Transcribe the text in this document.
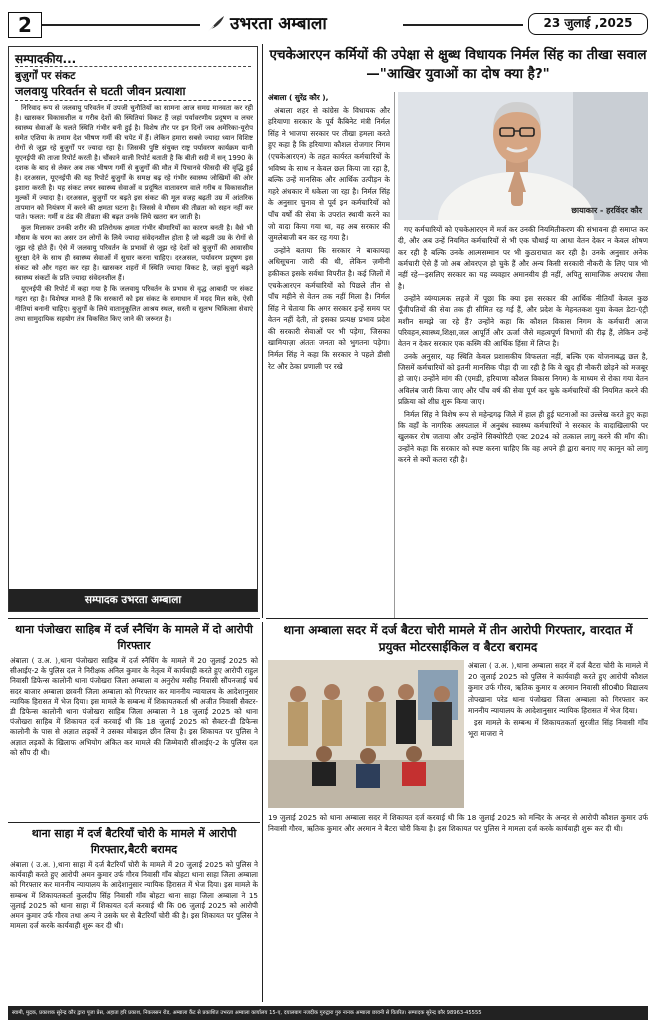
2	उभरता अम्बाला	23 जुलाई ,2025
सम्पादकीय...
बुज़ुर्गों पर संकट
जलवायु परिवर्तन से घटती जीवन प्रत्याशा

निरिवाद रूप से जलवायु परिवर्तन में उपजी चुनौतियों का सामना आज समग्र मानवता कर रही है। खासकर विकासशील व गरीब देशों की स्थितियां विकट हैं जहां पर्यावरणीय प्रदूषण व लचर स्वास्थ्य सेवाओं के चलते स्थिति गंभीर बनी हुई है। विशेष तौर पर इन दिनों जब अमेरिका-यूरोप समेत एशिया के तमाम देश भीषण गर्मी की चपेट में हैं। लेकिन हमारा सबसे ज्यादा ध्यान विशिष्ट रोगों से जूझ रहे बुजुर्गों पर ज्यादा रहा है। जिसकी पुष्टि संयुक्त राष्ट्र पर्यावरण कार्यक्रम यानी यूएनईपी की ताजा रिपोर्ट करती है। चौंकाने वाली रिपोर्ट बताती है कि बीती सदी में सन् 1990 के दशक के बाद से लेकर अब तक भीषण गर्मी से बुजुर्गों की मौत में पिचानवे फीसदी की वृद्धि हुई है। दरअसल, यूएनईपी की यह रिपोर्ट बुजुर्गों के समक्ष बढ़ रहे गंभीर स्वास्थ्य जोखिमों की ओर इशारा करती है। यह संकट लचर स्वास्थ्य सेवाओं व प्रदूषित वातावरण वाले गरीब व विकासशील मुल्कों में ज्यादा है। दरअसल, बुजुर्गों पर बढ़ते इस संकट की मूल वजह बढ़ती उम्र में आंतरिक तापमान को नियंत्रण में करने की क्षमता घटना है। जिससे वे मौसम की तीव्रता को सहन नहीं कर पाते। फलत: गर्मी व ठंड की तीव्रता की बढ़त उनके लिये खतरा बन जाती है।

कुल मिलाकर उनकी शरीर की प्रतिरोधक क्षमता गंभीर बीमारियों का कारण बनती है। वैसे भी मौसम के चरम का असर उन लोगों के लिये ज्यादा संवेदनशील होता है जो बढ़ती उम्र के रोगों से जूझ रहे होते हैं। ऐसे में जलवायु परिवर्तन के प्रभावों से जूझ रहे देशों को बुजुर्गों की आवासीय सुरक्षा देने के साथ ही स्वास्थ्य सेवाओं में सुधार करना चाहिए। दरअसल, पर्यावरण प्रदूषण इस संकट को और गहरा कर रहा है। खासकर शहरों में स्थिति ज्यादा विकट है, जहां बुजुर्ग बढ़ते स्वास्थ्य संकटों के प्रति ज्यादा संवेदनशील हैं।

यूएनईपी की रिपोर्ट में कहा गया है कि जलवायु परिवर्तन के प्रभाव से वृद्ध आबादी पर संकट गहरा रहा है। विशेषज्ञ मानते हैं कि सरकारों को इस संकट के समाधान में मदद मिल सके, ऐसी नीतियां बनानी चाहिए। बुजुर्गों के लिये वातानुकूलित आश्रय स्थल, सस्ती व सुलभ चिकित्सा सेवाएं तथा सामुदायिक सहयोग तंत्र विकसित किए जाने की जरूरत है।

सम्पादक उभरता अम्बाला
एचकेआरएन कर्मियों की उपेक्षा से क्षुब्ध विधायक निर्मल सिंह का तीखा सवाल—"आखिर युवाओं का दोष क्या है?"

अंबाला ( सुरेंद्र कौर ),

अंबाला शहर से कांग्रेस के विधायक और हरियाणा सरकार के पूर्व कैबिनेट मंत्री निर्मल सिंह ने भाजपा सरकार पर तीखा हमला करते हुए कहा है कि हरियाणा कौशल रोजगार निगम (एचकेआरएन) के तहत कार्यरत कर्मचारियों के भविष्य के साथ न केवल छल किया जा रहा है, बल्कि उन्हें मानसिक और आर्थिक उत्पीड़न के गहरे अंधकार में धकेला जा रहा है। निर्मल सिंह के अनुसार चुनाव से पूर्व इन कर्मचारियों को पाँच वर्षों की सेवा के उपरांत स्थायी करने का जो वादा किया गया था, वह अब सरकार की जुमलेबाजी बन कर रह गया है।

उन्होंने बताया कि सरकार ने बाकायदा अधिसूचना जारी की थी, लेकिन ज़मीनी हकीकत इसके सर्वथा विपरीत है। कई जिलों में एचकेआरएन कर्मचारियों को पिछले तीन से पाँच महीने से वेतन तक नहीं मिला है। निर्मल सिंह ने चेताया कि अगर सरकार इन्हें समय पर वेतन नहीं देती, तो इसका प्रत्यक्ष प्रभाव प्रदेश की सरकारी सेवाओं पर भी पड़ेगा, जिसका खामियाज़ा अंततः जनता को भुगतना पड़ेगा। निर्मल सिंह ने कहा कि सरकार ने पहले डीसी रेट और ठेका प्रणाली पर रखे

छायाकार - हरविंदर कौर

गए कर्मचारियों को एचकेआरएन में मर्ज कर उनकी नियमितीकरण की संभावना ही समाप्त कर दी, और अब उन्हें नियमित कर्मचारियों से भी एक चौथाई या आधा वेतन देकर न केवल शोषण कर रही है बल्कि उनके आत्मसम्मान पर भी कुठाराघात कर रही है। उनके अनुसार अनेक कर्मचारी ऐसे हैं जो अब ओवरएज हो चुके हैं और अन्य किसी सरकारी नौकरी के लिए पात्र भी नहीं रहे—इसलिए सरकार का यह व्यवहार अमानवीय ही नहीं, अपितु सामाजिक अपराध जैसा है।

उन्होंने व्यंग्यात्मक लहजे में पूछा कि क्या इस सरकार की आर्थिक नीतियाँ केवल कुछ पूँजीपतियों की सेवा तक ही सीमित रह गई हैं, और प्रदेश के मेहनतकश युवा केवल डेटा-एंट्री मशीन समझे जा रहे हैं? उन्होंने कहा कि कौशल विकास निगम के कर्मचारी आज परिवहन,स्वास्थ्य,शिक्षा,जल आपूर्ति और ऊर्जा जैसे महत्वपूर्ण विभागों की रीढ़ हैं, लेकिन उन्हें वेतन न देकर सरकार एक कस्मि की आर्थिक हिंसा में लिप्त है।

उनके अनुसार, यह स्थिति केवल प्रशासकीय विफलता नहीं, बल्कि एक योजनाबद्ध छल है, जिसमें कर्मचारियों को इतनी मानसिक पीड़ा दी जा रही है कि वे खुद ही नौकरी छोड़ने को मजबूर हो जाएं। उन्होंने मांग की (एमडी, हरियाणा कौशल विकास निगम) के माध्यम से रोका गया वेतन अविलंब जारी किया जाए और पाँच वर्ष की सेवा पूर्ण कर चुके कर्मचारियों की नियमित करने की प्रक्रिया को शीघ्र शुरू किया जाए।

निर्मल सिंह ने विशेष रूप से महेन्द्रगढ़ जिले में हाल ही हुई घटनाओं का उल्लेख करते हुए कहा कि वहाँ के नागरिक अस्पताल में अनुबंध स्वास्थ्य कर्मचारियों ने सरकार के वादाखिलाफी पर खुलकर रोष जताया और उन्होंने सिक्योरिटी एक्ट 2024 को तत्काल लागू करने की माँग की। उन्होंने कहा कि सरकार को स्पष्ट करना चाहिए कि वह अपने ही द्वारा बनाए गए कानून को लागू करने से क्यों कतरा रही है।

थाना पंजोखरा साहिब में दर्ज स्नैचिंग के मामले में दो आरोपी गिरफ्तार

अंबाला ( उ.अ. ),थाना पंजोखरा साहिब में दर्ज स्नैचिंग के मामले में 20 जुलाई 2025 को सीआईए-2 के पुलिस दल ने निरीक्षक अनिल कुमार के नेतृत्व में कार्यवाही करते हुए आरोपी राहुल निवासी डिफेन्स कालोनी थाना पंजोखरा जिला अम्बाला व अनुरोध मसीह निवासी सौंपनजाई चर्च सदर बाजार अम्बाला छावनी जिला अम्बाला को गिरफ्तार कर माननीय न्यायालय के आदेशानुसार न्यायिक हिरासत में भेज दिया। इस मामले के सम्बन्ध में शिकायतकर्ता श्री अजीत निवासी सैक्टर-डी डिफेन्स कालोनी थाना पंजोखरा साहिब जिला अम्बाला ने 18 जुलाई 2025 को थाना पंजोखरा साहिब में शिकायत दर्ज करवाई थी कि 18 जुलाई 2025 को सैक्टर-डी डिफेन्स कालोनी के पास से अज्ञात लड़कों ने उसका मोबाइल छीन लिया है। इस शिकायत पर पुलिस ने अज्ञात लड़कों के खिलाफ अभियोग अंकित कर मामले की जिम्मेवारी सीआईए-2 के पुलिस दल को सौंप दी थी।

थाना साहा में दर्ज बैटरियाँ चोरी के मामले में आरोपी गिरफ्तार,बैटरी बरामद

अंबाला ( उ.अ. ),थाना साहा में दर्ज बैटरियाँ चोरी के मामले में 20 जुलाई 2025 को पुलिस ने कार्यवाही करते हुए आरोपी अमन कुमार उर्फ गौरव निवासी गाँव बोहटा थाना साहा जिला अम्बाला को गिरफ्तार कर माननीय न्यायालय के आदेशानुसार न्यायिक हिरासत में भेज दिया। इस मामले के सम्बन्ध में शिकायतकर्ता कुलदीप सिंह निवासी गाँव बोहटा थाना साहा जिला अम्बाला ने 15 जुलाई 2025 को थाना साहा में शिकायत दर्ज करवाई थी कि 06 जुलाई 2025 को आरोपी अमन कुमार उर्फ गौरव तथा अन्य ने उसके घर से बैटरियाँ चोरी की है। इस शिकायत पर पुलिस ने मामला दर्ज करके कार्यवाही शुरू कर दी थी।

थाना अम्बाला सदर में दर्ज बैटरा चोरी मामले में तीन आरोपी गिरफ्तार, वारदात में प्रयुक्त मोटरसाईकिल व बैटरा बरामद

अंबाला ( उ.अ. ),थाना अम्बाला सदर में दर्ज बैटरा चोरी के मामले में 20 जुलाई 2025 को पुलिस ने कार्यवाही करते हुए आरोपी कौशल कुमार उर्फ गौरव, ऋतिक कुमार व अरमान निवासी सी0बी0 विद्यालय तोपखाना परेड थाना पंजोखरा जिला अम्बाला को गिरफ्तार कर माननीय न्यायालय के आदेशानुसार न्यायिक हिरासत में भेज दिया।

इस मामले के सम्बन्ध में शिकायतकर्ता सुरजीत सिंह निवासी गाँव भूरा माजरा ने

19 जुलाई 2025 को थाना अम्बाला सदर में शिकायत दर्ज करवाई थी कि 18 जुलाई 2025 को मन्दिर के अन्दर से आरोपी कौशल कुमार उर्फ निवासी गौरव, ऋतिक कुमार और अरमान ने बैटरा चोरी किया है। इस शिकायत पर पुलिस ने मामला दर्ज करके कार्यवाही शुरू कर दी थी।

स्वामी, मुद्रक, प्रकाशक सुरेन्द्र कौर द्वारा पूजा प्रेस, अहाता हरि प्रकाश, निकलसन रोड, अम्बाला कैंट से प्रकाशित उभरता अम्बाला कार्यालय 15-ए, दयालबाग नजदीक गुरुद्वारा गुरु नानक अम्बाला छावनी से वितरित। सम्पादक सुरेन्द्र कौर 98963-45555
